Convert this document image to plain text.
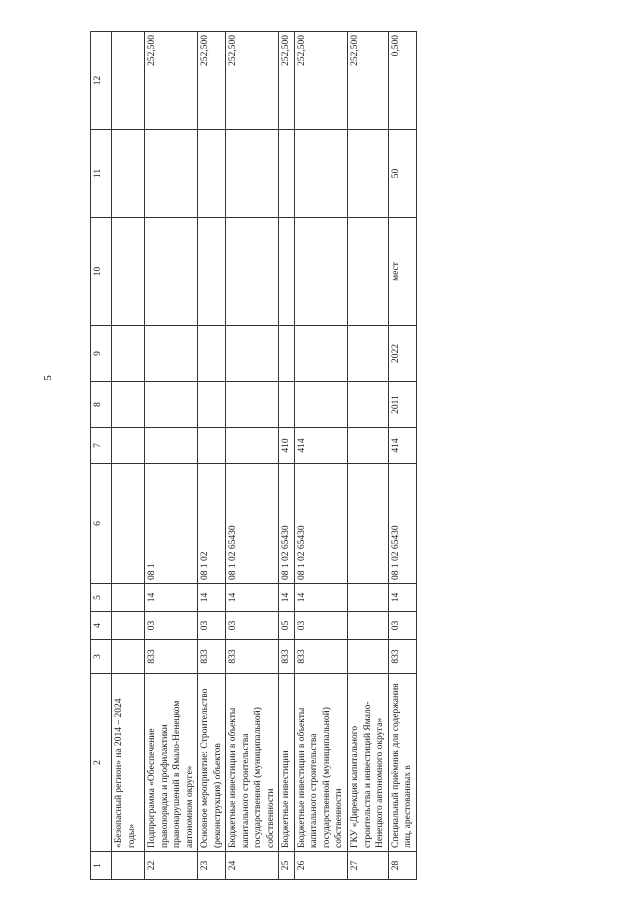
5
1	2	3	4	5	6	7	8	9	10	11	12
	«Безопасный регион» на 2014 – 2024 годы»										
22	Подпрограмма «Обеспечение правопорядка и профилактики правонарушений в Ямало-Ненецком автономном округе»	833	03	14	08 1						252,500
23	Основное мероприятие: Строительство (реконструкция) объектов	833	03	14	08 1 02						252,500
24	Бюджетные инвестиции в объекты капитального строительства государственной (муниципальной) собственности	833	03	14	08 1 02 65430						252,500
25	Бюджетные инвестиции	833	05	14	08 1 02 65430	410					252,500
26	Бюджетные инвестиции в объекты капитального строительства государственной (муниципальной) собственности	833	03	14	08 1 02 65430	414					252,500
27	ГКУ «Дирекция капитального строительства и инвестиций Ямало-Ненецкого автономного округа»										252,500
28	Специальный приёмник для содержания лиц, арестованных в	833	03	14	08 1 02 65430	414	2011	2022	мест	50	0,500
